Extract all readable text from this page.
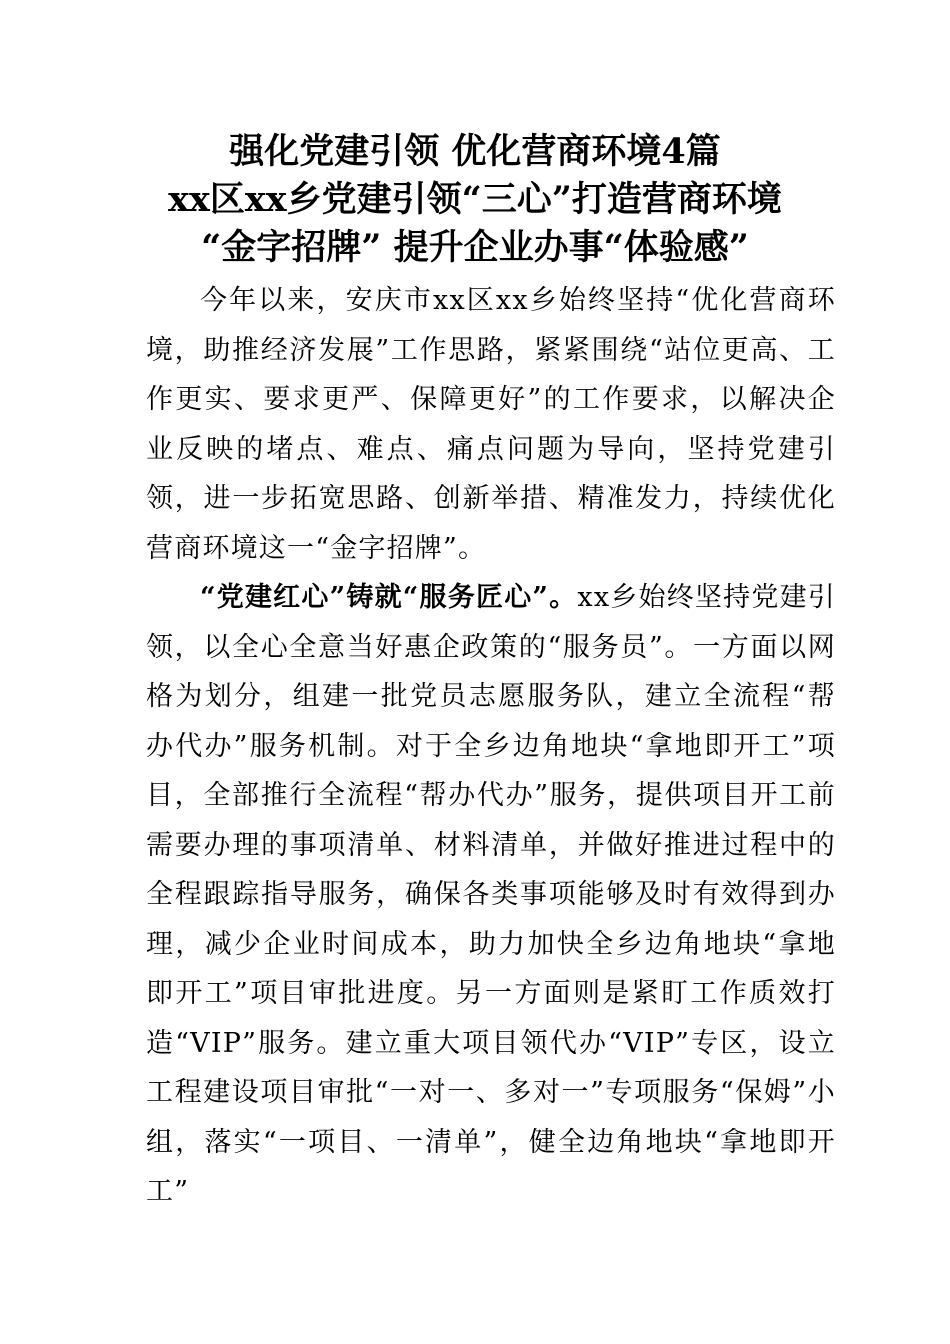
强化党建引领 优化营商环境4篇
xx区xx乡党建引领“三心”打造营商环境
“金字招牌” 提升企业办事“体验感”

今年以来，安庆市xx区xx乡始终坚持“优化营商环境，助推经济发展”工作思路，紧紧围绕“站位更高、工作更实、要求更严、保障更好”的工作要求，以解决企业反映的堵点、难点、痛点问题为导向，坚持党建引领，进一步拓宽思路、创新举措、精准发力，持续优化营商环境这一“金字招牌”。

“党建红心”铸就“服务匠心”。xx乡始终坚持党建引领，以全心全意当好惠企政策的“服务员”。一方面以网格为划分，组建一批党员志愿服务队，建立全流程“帮办代办”服务机制。对于全乡边角地块“拿地即开工”项目，全部推行全流程“帮办代办”服务，提供项目开工前需要办理的事项清单、材料清单，并做好推进过程中的全程跟踪指导服务，确保各类事项能够及时有效得到办理，减少企业时间成本，助力加快全乡边角地块“拿地即开工”项目审批进度。另一方面则是紧盯工作质效打造“VIP”服务。建立重大项目领代办“VIP”专区，设立工程建设项目审批“一对一、多对一”专项服务“保姆”小组，落实“一项目、一清单”，健全边角地块“拿地即开工”
